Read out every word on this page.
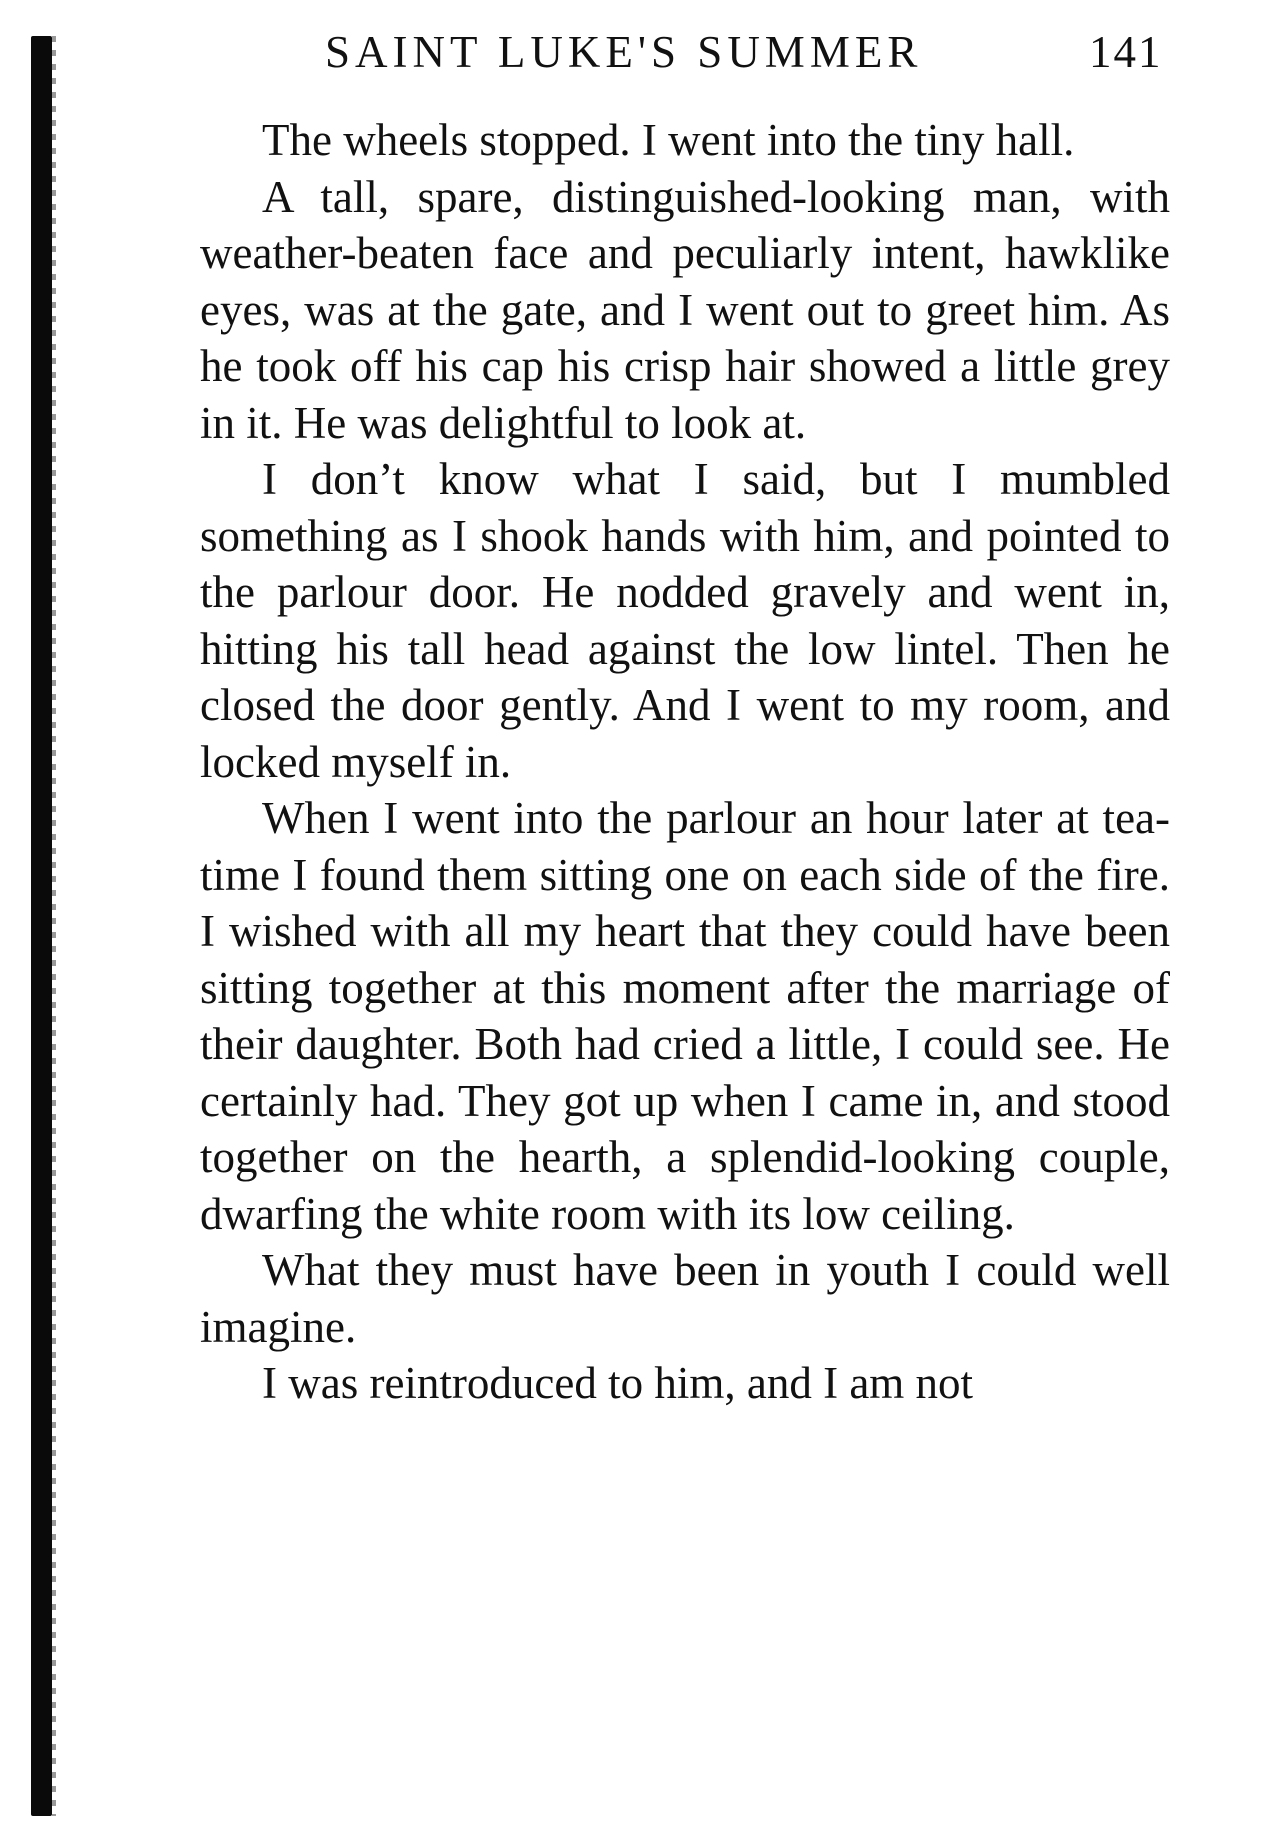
SAINT LUKE'S SUMMER	141

The wheels stopped. I went into the tiny hall.

A tall, spare, distinguished-looking man, with weather-beaten face and peculiarly intent, hawklike eyes, was at the gate, and I went out to greet him. As he took off his cap his crisp hair showed a little grey in it. He was delightful to look at.

I don’t know what I said, but I mumbled something as I shook hands with him, and pointed to the parlour door. He nodded gravely and went in, hitting his tall head against the low lintel. Then he closed the door gently. And I went to my room, and locked myself in.

When I went into the parlour an hour later at tea-time I found them sitting one on each side of the fire. I wished with all my heart that they could have been sitting together at this moment after the marriage of their daughter. Both had cried a little, I could see. He certainly had. They got up when I came in, and stood together on the hearth, a splendid-looking couple, dwarfing the white room with its low ceiling.

What they must have been in youth I could well imagine.

I was reintroduced to him, and I am not
